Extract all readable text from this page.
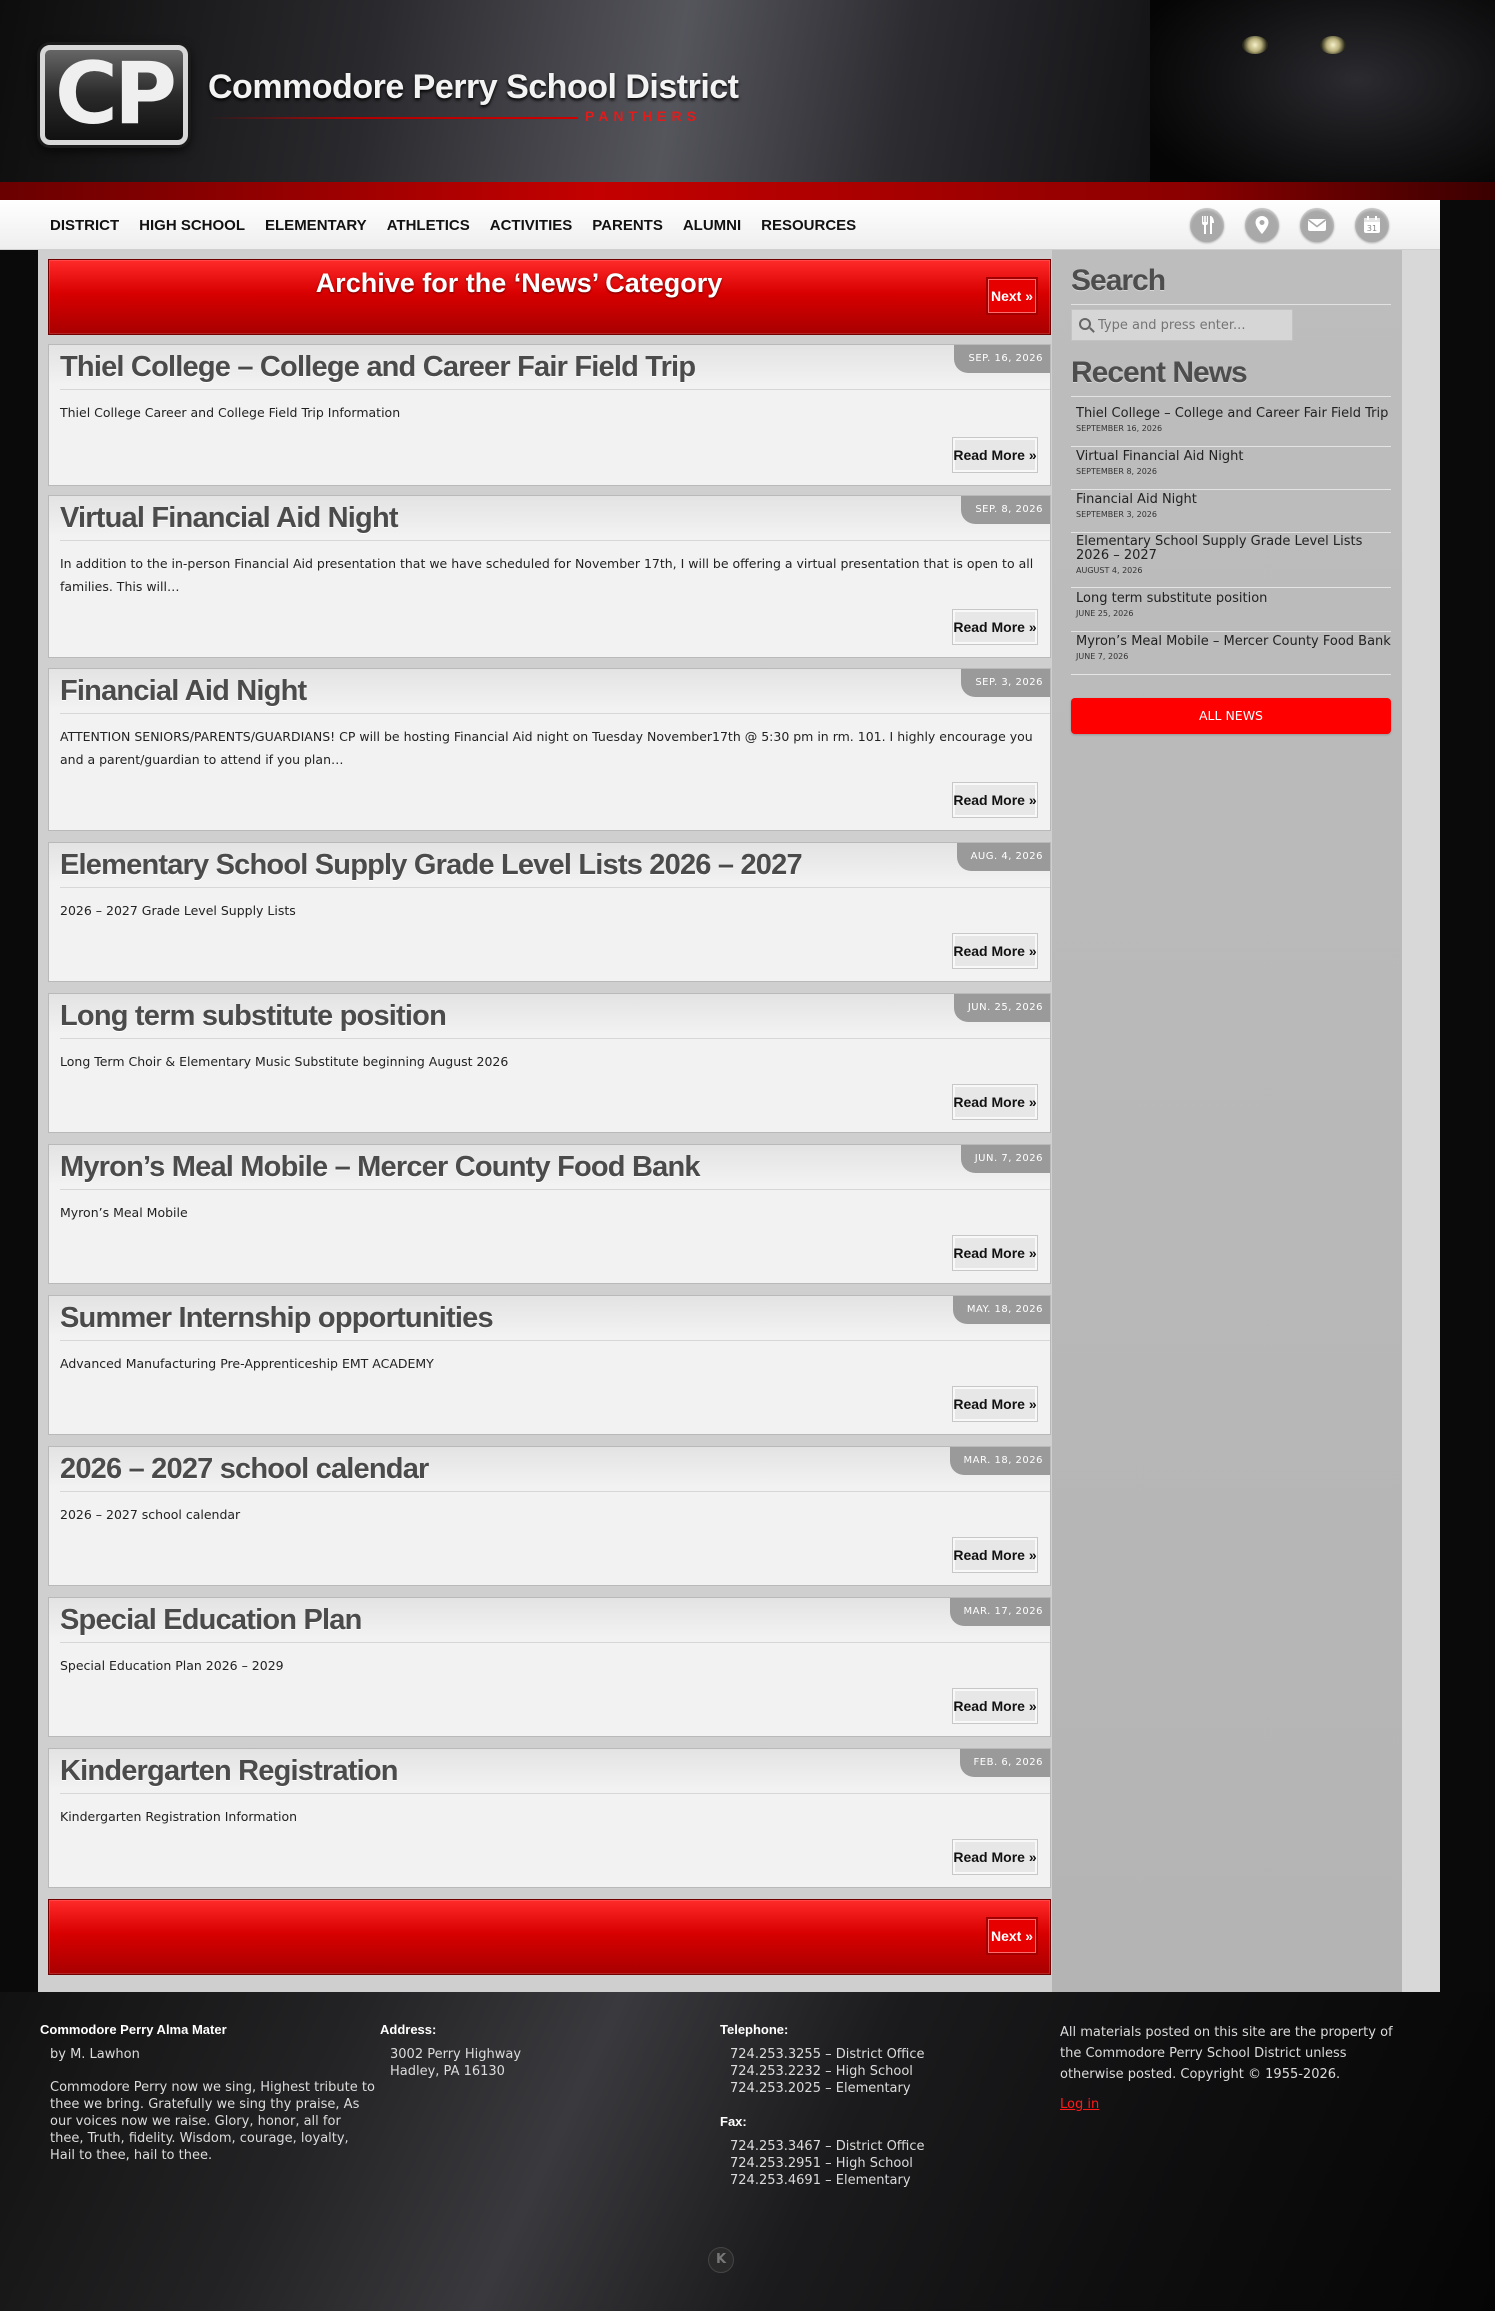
CP	Commodore Perry School District
PANTHERS
DISTRICT HIGH SCHOOL ELEMENTARY ATHLETICS ACTIVITIES PARENTS ALUMNI RESOURCES	31
Archive for the ‘News’ Category	Next »
Thiel College – College and Career Fair Field Trip	SEP. 16, 2026
Thiel College Career and College Field Trip Information
Read More »
Virtual Financial Aid Night	SEP. 8, 2026
In addition to the in-person Financial Aid presentation that we have scheduled for November 17th, I will be offering a virtual presentation that is open to all families. This will…
Read More »
Financial Aid Night	SEP. 3, 2026
ATTENTION SENIORS/PARENTS/GUARDIANS! CP will be hosting Financial Aid night on Tuesday November17th @ 5:30 pm in rm. 101. I highly encourage you and a parent/guardian to attend if you plan…
Read More »
Elementary School Supply Grade Level Lists 2026 – 2027	AUG. 4, 2026
2026 – 2027 Grade Level Supply Lists
Read More »
Long term substitute position	JUN. 25, 2026
Long Term Choir & Elementary Music Substitute beginning August 2026
Read More »
Myron’s Meal Mobile – Mercer County Food Bank	JUN. 7, 2026
Myron’s Meal Mobile
Read More »
Summer Internship opportunities	MAY. 18, 2026
Advanced Manufacturing Pre-Apprenticeship EMT ACADEMY
Read More »
2026 – 2027 school calendar	MAR. 18, 2026
2026 – 2027 school calendar
Read More »
Special Education Plan	MAR. 17, 2026
Special Education Plan 2026 – 2029
Read More »
Kindergarten Registration	FEB. 6, 2026
Kindergarten Registration Information
Read More »
Next »
Search
Type and press enter...
Recent News
Thiel College – College and Career Fair Field Trip
SEPTEMBER 16, 2026
Virtual Financial Aid Night
SEPTEMBER 8, 2026
Financial Aid Night
SEPTEMBER 3, 2026
Elementary School Supply Grade Level Lists 2026 – 2027
AUGUST 4, 2026
Long term substitute position
JUNE 25, 2026
Myron’s Meal Mobile – Mercer County Food Bank
JUNE 7, 2026
ALL NEWS
Commodore Perry Alma Mater
by M. Lawhon
Commodore Perry now we sing, Highest tribute to thee we bring. Gratefully we sing thy praise, As our voices now we raise. Glory, honor, all for thee, Truth, fidelity. Wisdom, courage, loyalty, Hail to thee, hail to thee.
Address:
3002 Perry Highway
Hadley, PA 16130
Telephone:
724.253.3255 – District Office
724.253.2232 – High School
724.253.2025 – Elementary
Fax:
724.253.3467 – District Office
724.253.2951 – High School
724.253.4691 – Elementary
All materials posted on this site are the property of the Commodore Perry School District unless otherwise posted. Copyright © 1955-2026.
Log in
K
